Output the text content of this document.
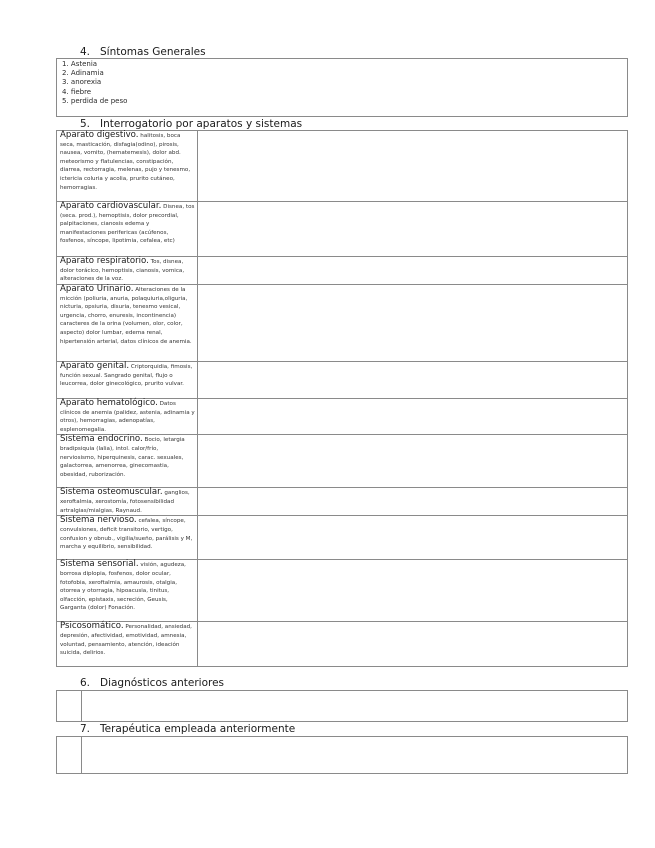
4. Síntomas Generales
1. Astenia
2. Adinamia
3. anorexia
4. fiebre
5. perdida de peso
5. Interrogatorio por aparatos y sistemas
Aparato digestivo. halitosis, boca seca, masticación, disfagia(odino), pirosis, nausea, vomito, (hematemesis), dolor abd. meteorismo y flatulencias, constipación, diarrea, rectorragia, melenas, pujo y tenesmo, ictericia coluria y acolia, prurito cutáneo, hemorragias.	
Aparato cardiovascular. Disnea, tos (seca. prod.), hemoptisis, dolor precordial, palpitaciones, cianosis edema y manifestaciones perifericas (acúfenos, fosfenos, síncope, lipotimia, cefalea, etc)	
Aparato respiratorio. Tos, disnea, dolor torácico, hemoptisis, cianosis, vomica, alteraciones de la voz.	
Aparato Urinario. Alteraciones de la micción (poliuria, anuria, polaquiuria,oliguria, nicturia, opsiuria, disuria, tenesmo vesical, urgencia, chorro, enuresis, incontinencia) caracteres de la orina (volumen, olor, color, aspecto) dolor lumbar, edema renal, hipertensión arterial, datos clínicos de anemia.	
Aparato genital. Criptorquidia, fimosis, función sexual. Sangrado genital, flujo o leucorrea, dolor ginecológico, prurito vulvar.	
Aparato hematológico. Datos clínicos de anemia (palidez, astenia, adinamia y otros), hemorragias, adenopatías, esplenomegalia.	
Sistema endocrino. Bocio, letargia bradipsiquia (lalia), intol. calor/frío, nerviosismo, hiperquinesis, carac. sexuales, galactorrea, amenorrea, ginecomastia, obesidad, ruborización.	
Sistema osteomuscular. ganglios, xeroftalmia, xerostomía, fotosensibilidad artralgias/mialgias, Raynaud.	
Sistema nervioso. cefalea, síncope, convulsiones, deficit transitorio, vertigo, confusion y obnub., vigilia/sueño, parálisis y M, marcha y equilibrio, sensibilidad.	
Sistema sensorial. visión, agudeza, borrosa diplopia, fosfenos, dolor ocular, fotofobia, xeroftalmia, amaurosis, otalgia, otorrea y otorragia, hipoacusia, tinitus, olfacción, epistaxis, secreción, Geusis, Garganta (dolor) Fonación.	
Psicosomático. Personalidad, ansiedad, depresión, afectividad, emotividad, amnesia, voluntad, pensamiento, atención, ideación suicida, delirios.	
6. Diagnósticos anteriores
7. Terapéutica empleada anteriormente
